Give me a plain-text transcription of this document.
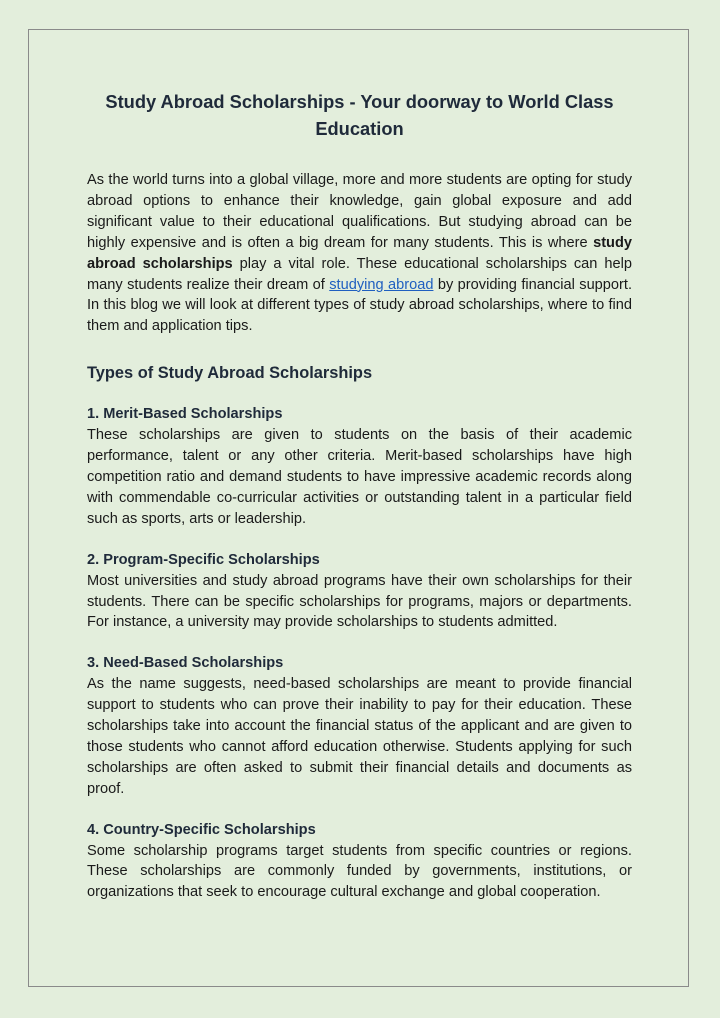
Study Abroad Scholarships - Your doorway to World Class Education

As the world turns into a global village, more and more students are opting for study abroad options to enhance their knowledge, gain global exposure and add significant value to their educational qualifications. But studying abroad can be highly expensive and is often a big dream for many students. This is where study abroad scholarships play a vital role. These educational scholarships can help many students realize their dream of studying abroad by providing financial support. In this blog we will look at different types of study abroad scholarships, where to find them and application tips.

Types of Study Abroad Scholarships
1. Merit-Based Scholarships

These scholarships are given to students on the basis of their academic performance, talent or any other criteria. Merit-based scholarships have high competition ratio and demand students to have impressive academic records along with commendable co-curricular activities or outstanding talent in a particular field such as sports, arts or leadership.

2. Program-Specific Scholarships

Most universities and study abroad programs have their own scholarships for their students. There can be specific scholarships for programs, majors or departments. For instance, a university may provide scholarships to students admitted.

3. Need-Based Scholarships

As the name suggests, need-based scholarships are meant to provide financial support to students who can prove their inability to pay for their education. These scholarships take into account the financial status of the applicant and are given to those students who cannot afford education otherwise. Students applying for such scholarships are often asked to submit their financial details and documents as proof.

4. Country-Specific Scholarships

Some scholarship programs target students from specific countries or regions. These scholarships are commonly funded by governments, institutions, or organizations that seek to encourage cultural exchange and global cooperation.
